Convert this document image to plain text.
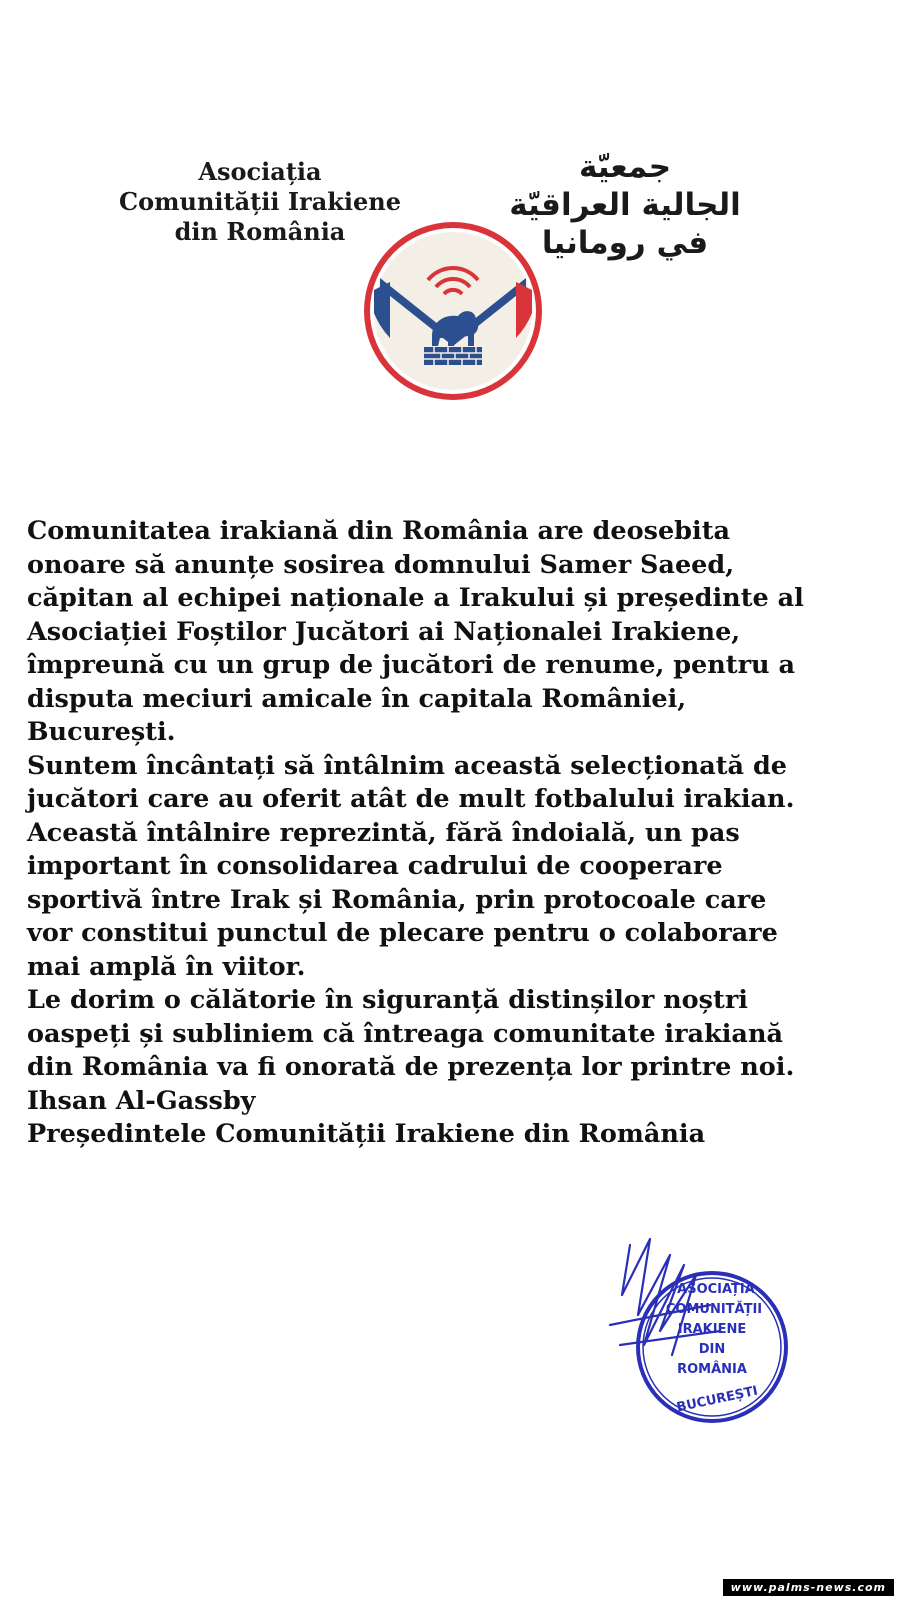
Asociația
Comunității Irakiene
din România
جمعيّة
الجالية العراقيّة
في رومانيا

Comunitatea irakiană din România are deosebita

onoare să anunțe sosirea domnului Samer Saeed,

căpitan al echipei naționale a Irakului și președinte al

Asociației Foștilor Jucători ai Naționalei Irakiene,

împreună cu un grup de jucători de renume, pentru a

disputa meciuri amicale în capitala României,

București.

Suntem încântați să întâlnim această selecționată de

jucători care au oferit atât de mult fotbalului irakian.

Această întâlnire reprezintă, fără îndoială, un pas

important în consolidarea cadrului de cooperare

sportivă între Irak și România, prin protocoale care

vor constitui punctul de plecare pentru o colaborare

mai amplă în viitor.

Le dorim o călătorie în siguranță distinșilor noștri

oaspeți și subliniem că întreaga comunitate irakiană

din România va fi onorată de prezența lor printre noi.

Ihsan Al-Gassby

Președintele Comunității Irakiene din România

ASOCIAȚIA
COMUNITĂȚII
IRAKIENE
DIN
ROMÂNIA
BUCUREȘTI
www.palms-news.com
